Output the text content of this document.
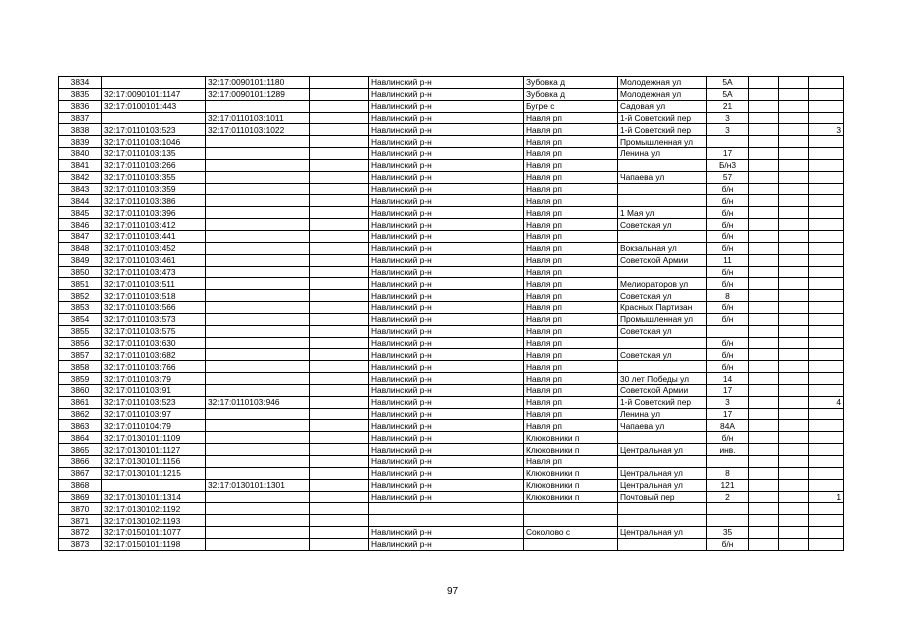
3834		32:17:0090101:1180		Навлинский р-н	Зубовка д	Молодежная ул	5А			
3835	32:17:0090101:1147	32:17:0090101:1289		Навлинский р-н	Зубовка д	Молодежная ул	5А			
3836	32:17:0100101:443			Навлинский р-н	Бугре с	Садовая ул	21			
3837		32:17:0110103:1011		Навлинский р-н	Навля рп	1-й Советский пер	3			
3838	32:17:0110103:523	32:17:0110103:1022		Навлинский р-н	Навля рп	1-й Советский пер	3			3
3839	32:17:0110103:1046			Навлинский р-н	Навля рп	Промышленная ул				
3840	32:17:0110103:135			Навлинский р-н	Навля рп	Ленина ул	17			
3841	32:17:0110103:266			Навлинский р-н	Навля рп		Б/н3			
3842	32:17:0110103:355			Навлинский р-н	Навля рп	Чапаева ул	57			
3843	32:17:0110103:359			Навлинский р-н	Навля рп		б/н			
3844	32:17:0110103:386			Навлинский р-н	Навля рп		б/н			
3845	32:17:0110103:396			Навлинский р-н	Навля рп	1 Мая ул	б/н			
3846	32:17:0110103:412			Навлинский р-н	Навля рп	Советская ул	б/н			
3847	32:17:0110103:441			Навлинский р-н	Навля рп		б/н			
3848	32:17:0110103:452			Навлинский р-н	Навля рп	Вокзальная ул	б/н			
3849	32:17:0110103:461			Навлинский р-н	Навля рп	Советской Армии	11			
3850	32:17:0110103:473			Навлинский р-н	Навля рп		б/н			
3851	32:17:0110103:511			Навлинский р-н	Навля рп	Мелиораторов ул	б/н			
3852	32:17:0110103:518			Навлинский р-н	Навля рп	Советская ул	8			
3853	32:17:0110103:566			Навлинский р-н	Навля рп	Красных Партизан	б/н			
3854	32:17:0110103:573			Навлинский р-н	Навля рп	Промышленная ул	б/н			
3855	32:17:0110103:575			Навлинский р-н	Навля рп	Советская ул				
3856	32:17:0110103:630			Навлинский р-н	Навля рп		б/н			
3857	32:17:0110103:682			Навлинский р-н	Навля рп	Советская ул	б/н			
3858	32:17:0110103:766			Навлинский р-н	Навля рп		б/н			
3859	32:17:0110103:79			Навлинский р-н	Навля рп	30 лет Победы ул	14			
3860	32:17:0110103:91			Навлинский р-н	Навля рп	Советской Армии	17			
3861	32:17:0110103:523	32:17:0110103:946		Навлинский р-н	Навля рп	1-й Советский пер	3			4
3862	32:17:0110103:97			Навлинский р-н	Навля рп	Ленина ул	17			
3863	32:17:0110104:79			Навлинский р-н	Навля рп	Чапаева ул	84А			
3864	32:17:0130101:1109			Навлинский р-н	Клюковники п		б/н			
3865	32:17:0130101:1127			Навлинский р-н	Клюковники п	Центральная ул	инв.			
3866	32:17:0130101:1156			Навлинский р-н	Навля рп					
3867	32:17:0130101:1215			Навлинский р-н	Клюковники п	Центральная ул	8			
3868		32:17:0130101:1301		Навлинский р-н	Клюковники п	Центральная ул	121			
3869	32:17:0130101:1314			Навлинский р-н	Клюковники п	Почтовый пер	2			1
3870	32:17:0130102:1192									
3871	32:17:0130102:1193									
3872	32:17:0150101:1077			Навлинский р-н	Соколово с	Центральная ул	35			
3873	32:17:0150101:1198			Навлинский р-н			б/н			
97
